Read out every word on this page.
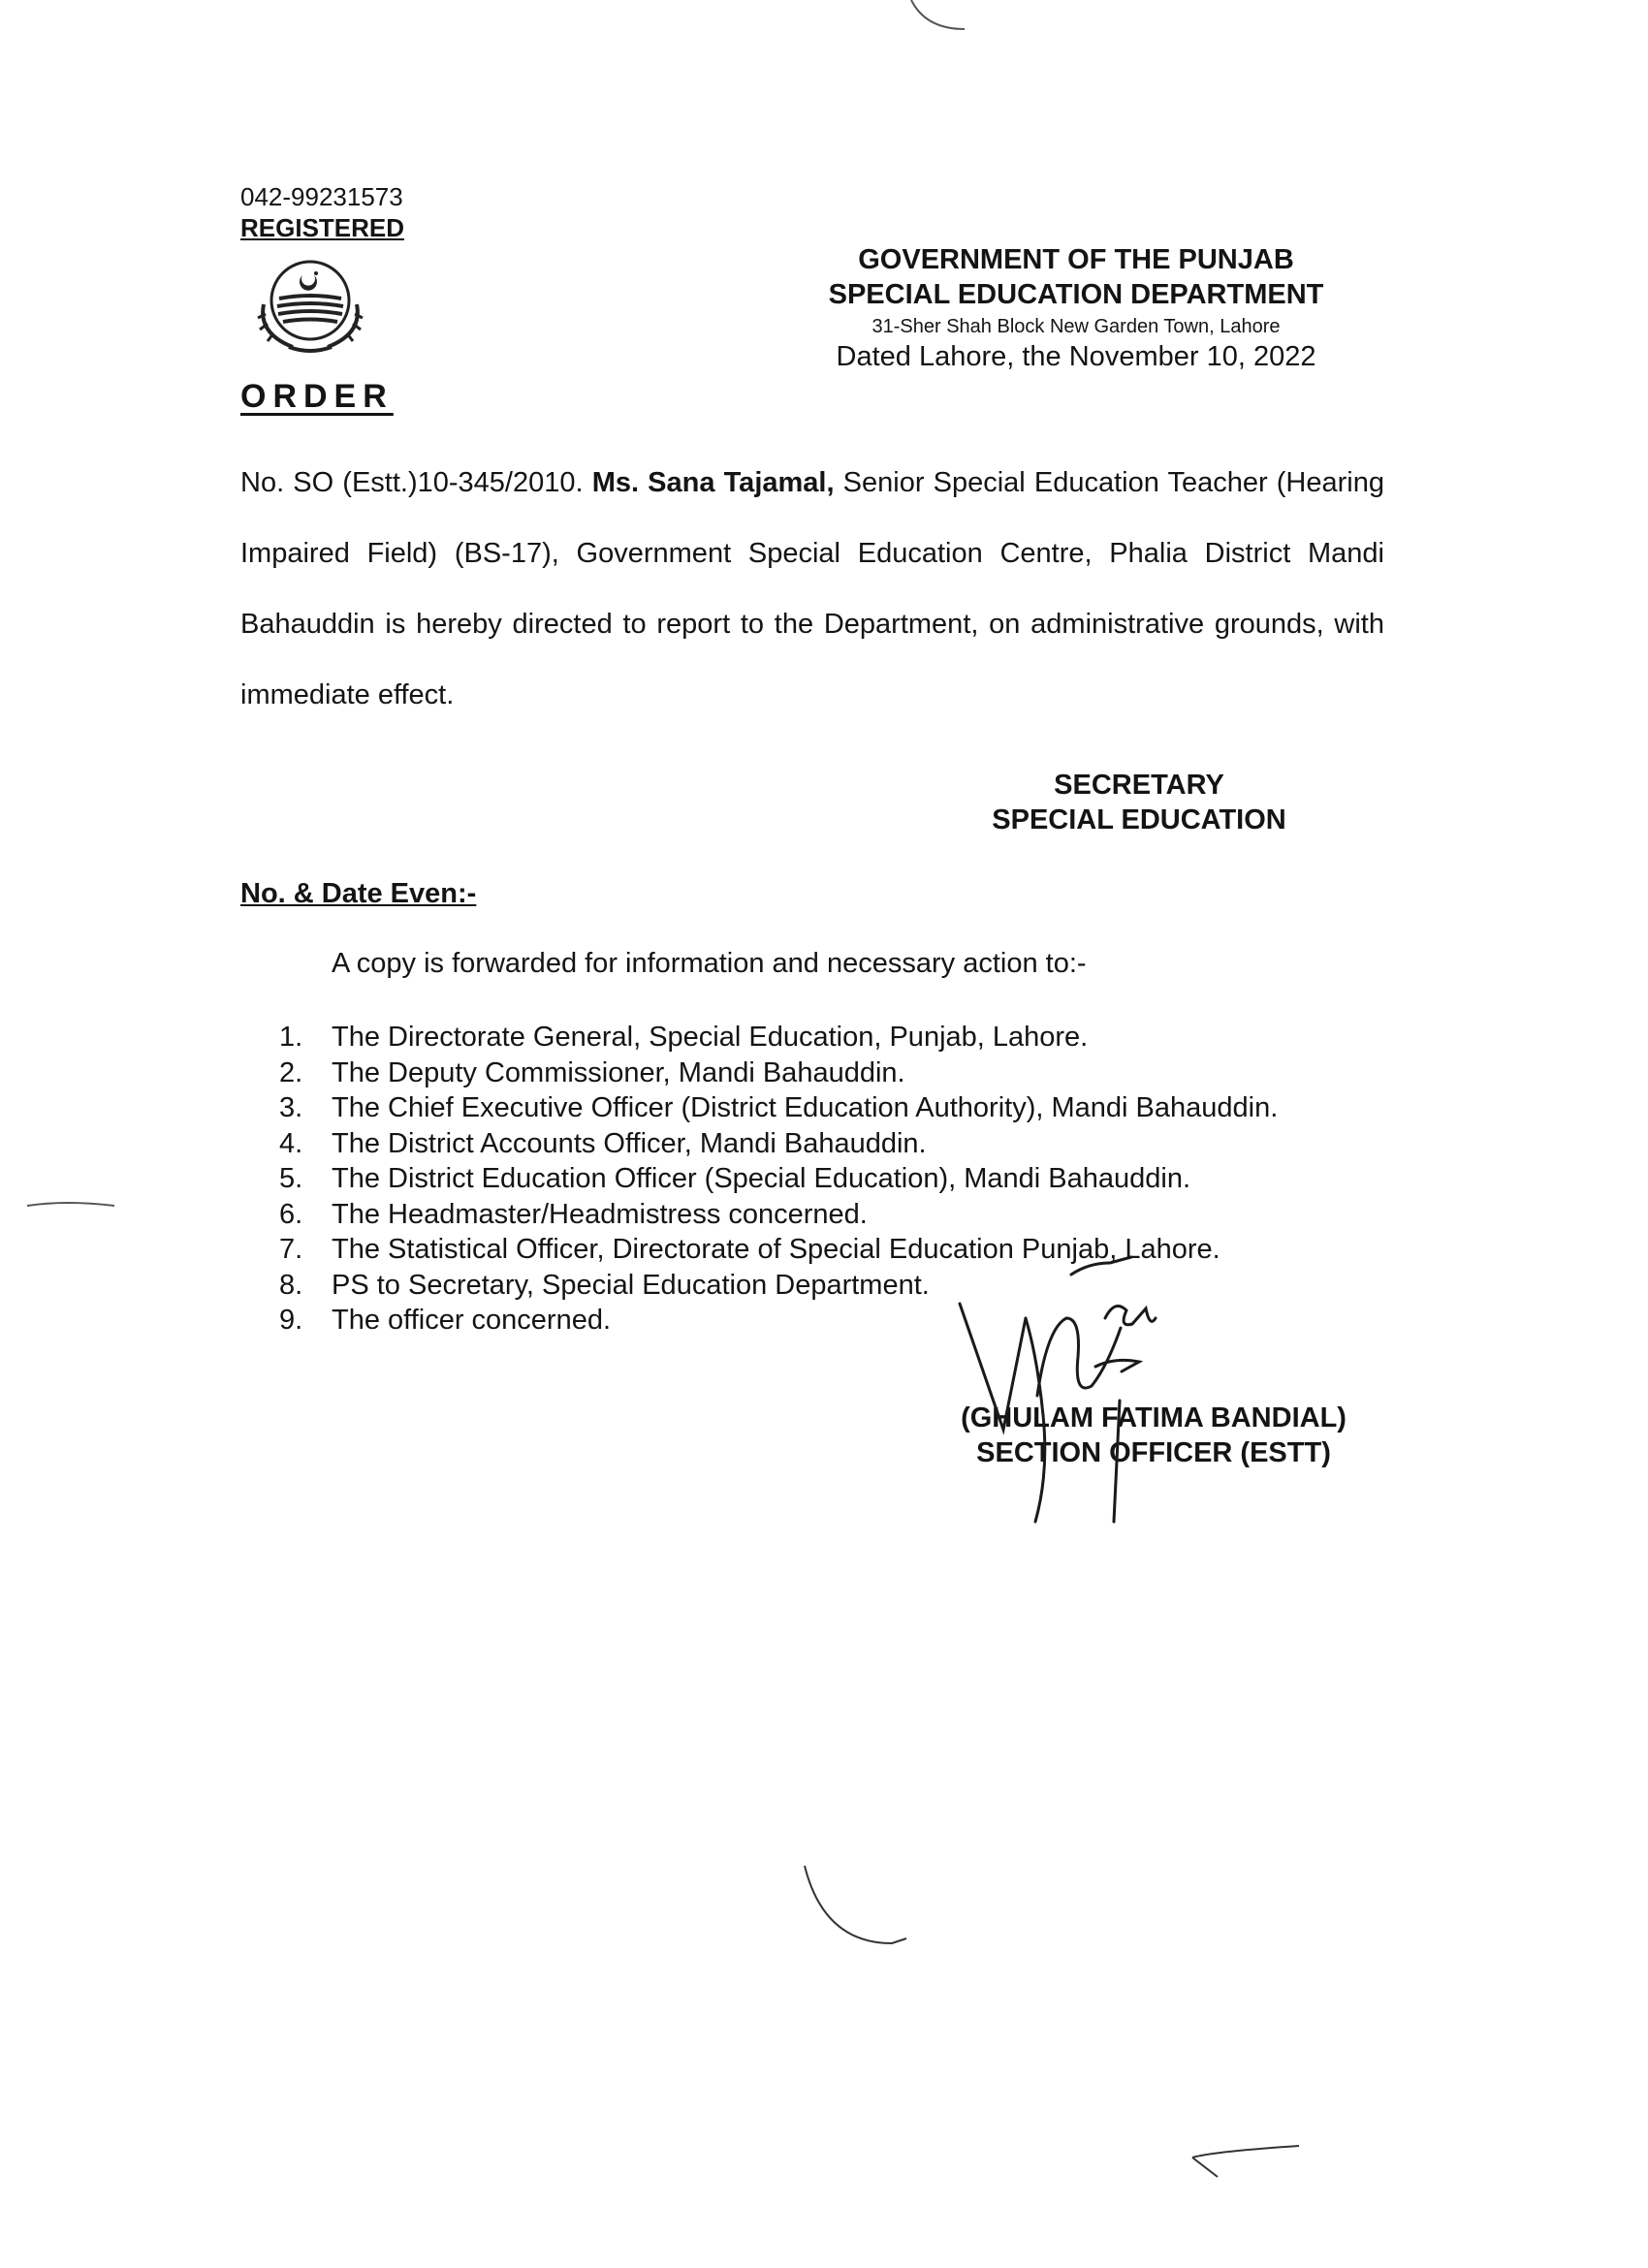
042-99231573
REGISTERED
ORDER
GOVERNMENT OF THE PUNJAB
SPECIAL EDUCATION DEPARTMENT
31-Sher Shah Block New Garden Town, Lahore
Dated Lahore, the November 10, 2022
No. SO (Estt.)10-345/2010. Ms. Sana Tajamal, Senior Special Education Teacher (Hearing Impaired Field) (BS-17), Government Special Education Centre, Phalia District Mandi Bahauddin is hereby directed to report to the Department, on administrative grounds, with immediate effect.
SECRETARY
SPECIAL EDUCATION
No. & Date Even:-
A copy is forwarded for information and necessary action to:-
1. The Directorate General, Special Education, Punjab, Lahore.
2. The Deputy Commissioner, Mandi Bahauddin.
3. The Chief Executive Officer (District Education Authority), Mandi Bahauddin.
4. The District Accounts Officer, Mandi Bahauddin.
5. The District Education Officer (Special Education), Mandi Bahauddin.
6. The Headmaster/Headmistress concerned.
7. The Statistical Officer, Directorate of Special Education Punjab, Lahore.
8. PS to Secretary, Special Education Department.
9. The officer concerned.
(GHULAM FATIMA BANDIAL)
SECTION OFFICER (ESTT)
